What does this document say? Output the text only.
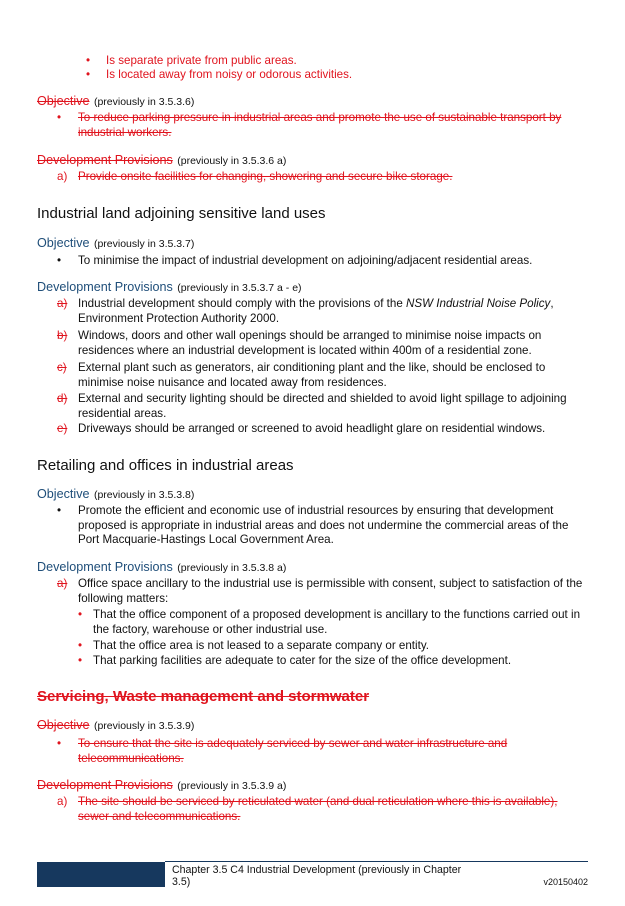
• Is separate private from public areas.
• Is located away from noisy or odorous activities.
Objective (previously in 3.5.3.6)
• To reduce parking pressure in industrial areas and promote the use of sustainable transport by industrial workers.
Development Provisions (previously in 3.5.3.6 a)
a) Provide onsite facilities for changing, showering and secure bike storage.
Industrial land adjoining sensitive land uses
Objective (previously in 3.5.3.7)
• To minimise the impact of industrial development on adjoining/adjacent residential areas.
Development Provisions (previously in 3.5.3.7 a - e)
a) Industrial development should comply with the provisions of the NSW Industrial Noise Policy, Environment Protection Authority 2000.
b) Windows, doors and other wall openings should be arranged to minimise noise impacts on residences where an industrial development is located within 400m of a residential zone.
c) External plant such as generators, air conditioning plant and the like, should be enclosed to minimise noise nuisance and located away from residences.
d) External and security lighting should be directed and shielded to avoid light spillage to adjoining residential areas.
e) Driveways should be arranged or screened to avoid headlight glare on residential windows.
Retailing and offices in industrial areas
Objective (previously in 3.5.3.8)
• Promote the efficient and economic use of industrial resources by ensuring that development proposed is appropriate in industrial areas and does not undermine the commercial areas of the Port Macquarie-Hastings Local Government Area.
Development Provisions (previously in 3.5.3.8 a)
a) Office space ancillary to the industrial use is permissible with consent, subject to satisfaction of the following matters:
• That the office component of a proposed development is ancillary to the functions carried out in the factory, warehouse or other industrial use.
• That the office area is not leased to a separate company or entity.
• That parking facilities are adequate to cater for the size of the office development.
Servicing, Waste management and stormwater
Objective (previously in 3.5.3.9)
• To ensure that the site is adequately serviced by sewer and water infrastructure and telecommunications.
Development Provisions (previously in 3.5.3.9 a)
a) The site should be serviced by reticulated water (and dual reticulation where this is available), sewer and telecommunications.
Chapter 3.5 C4 Industrial Development (previously in Chapter 3.5)	v20150402
